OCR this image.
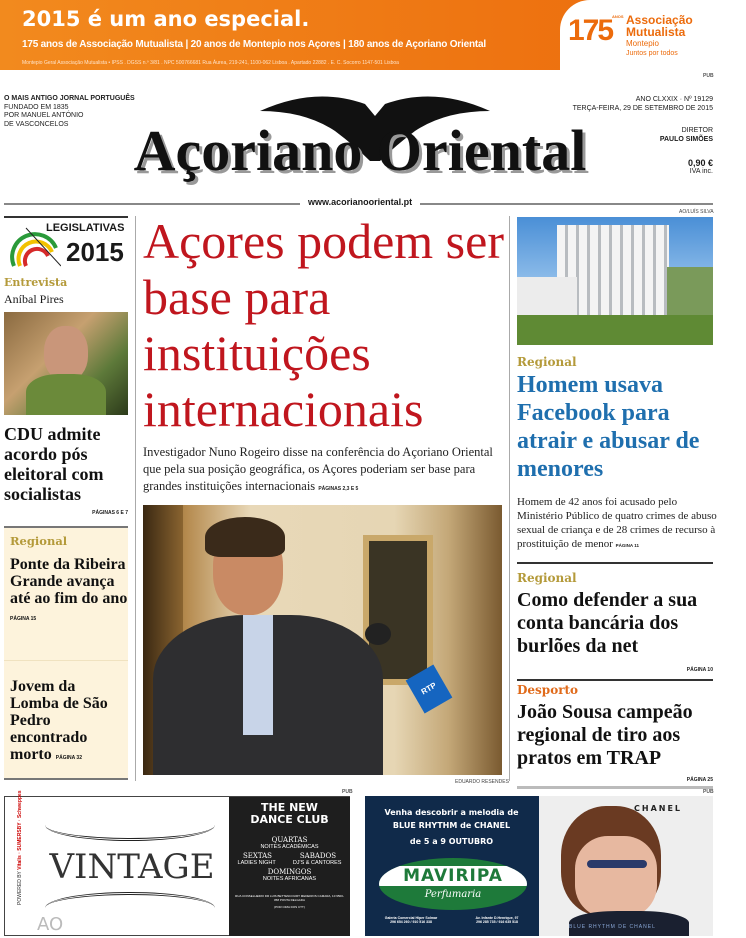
2015 é um ano especial.
175 anos de Associação Mutualista | 20 anos de Montepio nos Açores | 180 anos de Açoriano Oriental
Montepio Geral Associação Mutualista • IPSS . DGSS n.º 3/81 . NPC 500766681 Rua Áurea, 219-241, 1100-062 Lisboa . Apartado 22882 . E. C. Socorro 1147-501 Lisboa
175 ANOS Associação
Mutualista
Montepio
Juntos por todos
PUB
O MAIS ANTIGO JORNAL PORTUGUÊS
FUNDADO EM 1835
POR MANUEL ANTÓNIO
DE VASCONCELOS	Açoriano Oriental
ANO CLXXIX · Nº 19129
TERÇA-FEIRA, 29 DE SETEMBRO DE 2015
DIRETOR
PAULO SIMÕES
0,90 €
IVA inc.
www.acorianooriental.pt
LEGISLATIVAS
2015
Entrevista
Aníbal Pires
CDU admite acordo pós eleitoral com socialistas
PÁGINAS 6 E 7
Regional
Ponte da Ribeira Grande avança até ao fim do ano PÁGINA 15
Jovem da Lomba de São Pedro encontrado morto PÁGINA 32
Açores podem ser base para instituições internacionais
Investigador Nuno Rogeiro disse na conferência do Açoriano Oriental que pela sua posição geográfica, os Açores poderiam ser base para grandes instituições internacionais PÁGINAS 2,3 E 5
RTP
EDUARDO RESENDES
AO/LUÍS SILVA
Regional
Homem usava Facebook para atrair e abusar de menores
Homem de 42 anos foi acusado pelo Ministério Público de quatro crimes de abuso sexual de criança e de 28 crimes de recurso à prostituição de menor PÁGINA 11
Regional
Como defender a sua conta bancária dos burlões da net
PÁGINA 10
Desporto
João Sousa campeão regional de tiro aos pratos em TRAP
PÁGINA 25
PUB
POWERED BY Vitalis · SUMERSBY · Schweppes VINTAGE
AO
THE NEW
DANCE CLUB
QUARTAS
NOITES ACADÉMICAS
SEXTAS	SABADOS
LADIES NIGHT	DJ'S & CANTORES
DOMINGOS
NOITES AFRICANAS
RUA CONSELHEIRO DR LUIS BETTENCOURT MEDEIROS CAMARA, 10 9500-058 PONTA DELGADA
(POR CIMA DOS CTT)
PUB
Venha descobrir a melodia de
BLUE RHYTHM de CHANEL
de 5 a 9 OUTUBRO
MAVIRIPA
Perfumaria
Galeria Comercial Hiper Solmar
296 654 260 / 910 516 338
Av. Infante D.Henrique, 97
296 285 735 / 916 635 518
CHANEL
BLUE RHYTHM DE CHANEL
